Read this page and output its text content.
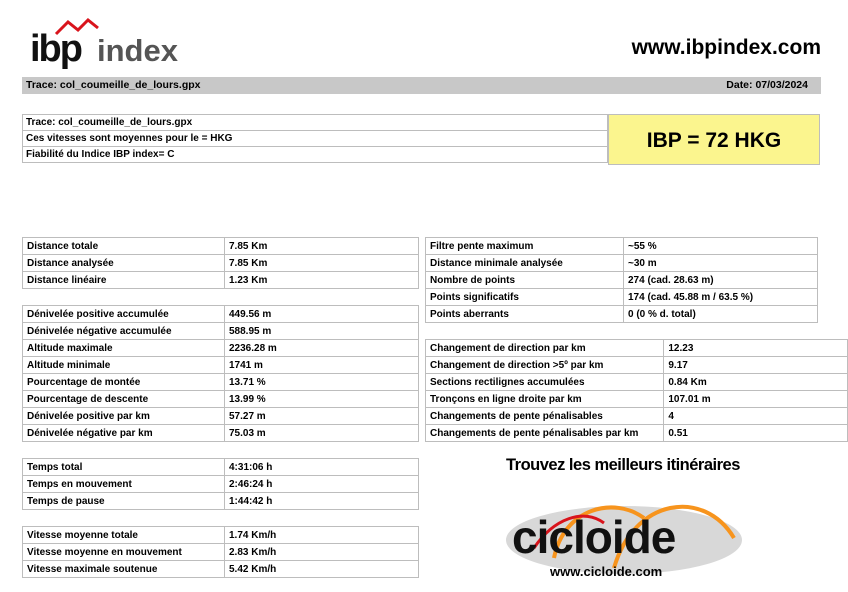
ibp index	www.ibpindex.com
Trace: col_coumeille_de_lours.gpx	Date: 07/03/2024
Trace: col_coumeille_de_lours.gpx
Ces vitesses sont moyennes pour le = HKG
Fiabilité du Indice IBP index= C
IBP = 72 HKG
Distance totale	7.85 Km
Distance analysée	7.85 Km
Distance linéaire	1.23 Km
Dénivelée positive accumulée	449.56 m
Dénivelée négative accumulée	588.95 m
Altitude maximale	2236.28 m
Altitude minimale	1741 m
Pourcentage de montée	13.71 %
Pourcentage de descente	13.99 %
Dénivelée positive par km	57.27 m
Dénivelée négative par km	75.03 m
Filtre pente maximum	~55 %
Distance minimale analysée	~30 m
Nombre de points	274 (cad. 28.63 m)
Points significatifs	174 (cad. 45.88 m / 63.5 %)
Points aberrants	0 (0 % d. total)
Changement de direction par km	12.23
Changement de direction >5º par km	9.17
Sections rectilignes accumulées	0.84 Km
Tronçons en ligne droite par km	107.01 m
Changements de pente pénalisables	4
Changements de pente pénalisables par km	0.51
Temps total	4:31:06 h
Temps en mouvement	2:46:24 h
Temps de pause	1:44:42 h
Vitesse moyenne totale	1.74 Km/h
Vitesse moyenne en mouvement	2.83 Km/h
Vitesse maximale soutenue	5.42 Km/h
Trouvez les meilleurs itinéraires
cicloide
www.cicloide.com
